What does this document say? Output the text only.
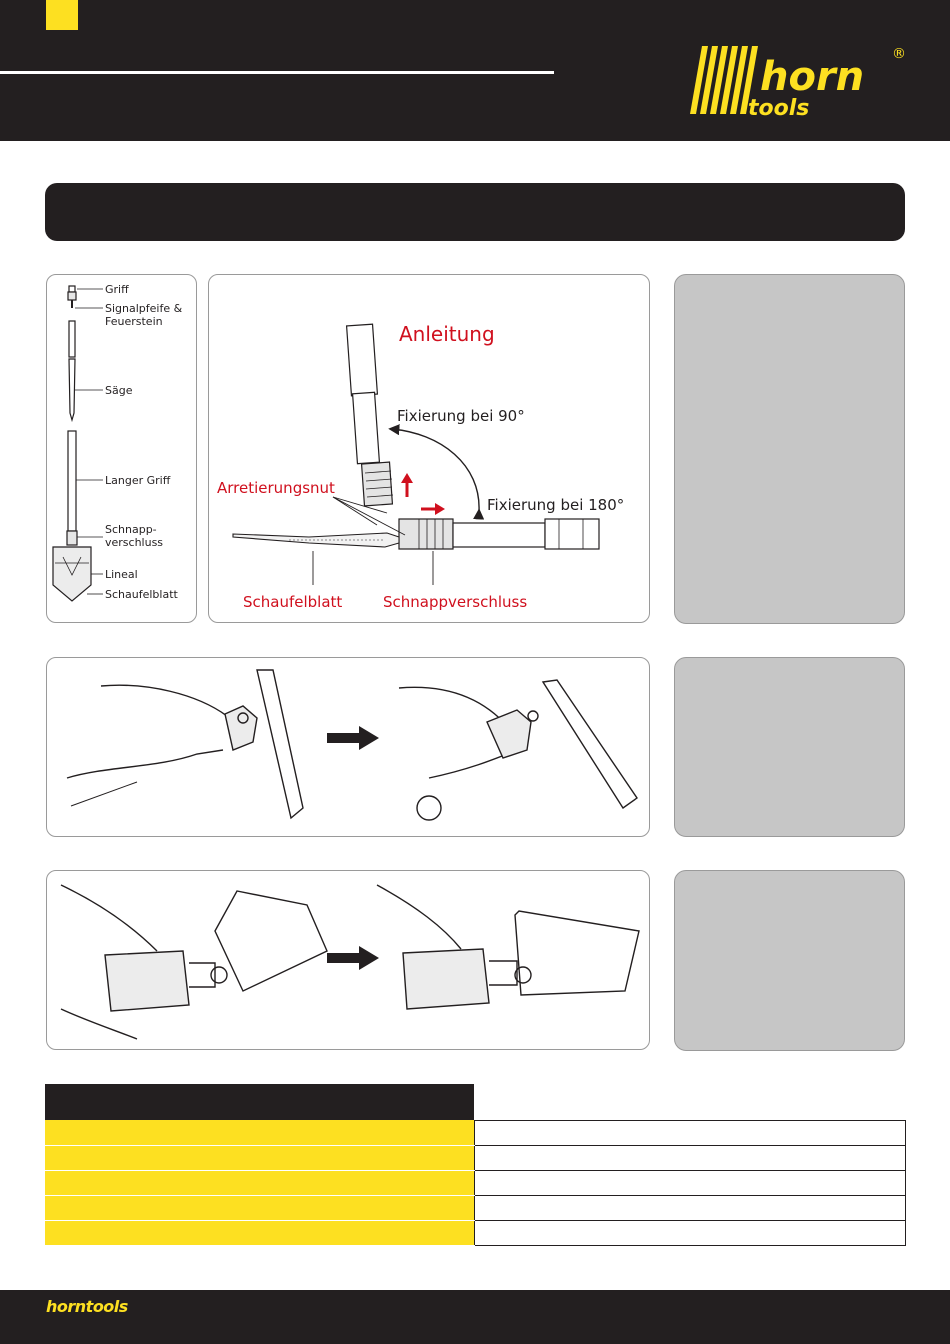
horn
tools
®
Griff
Signalpfeife &
Feuerstein
Säge
Langer Griff
Schnapp-
verschluss
Lineal
Schaufelblatt
Anleitung
Fixierung bei 90°
Fixierung bei 180°
Arretierungsnut
Schaufelblatt	Schnappverschluss

horntools
